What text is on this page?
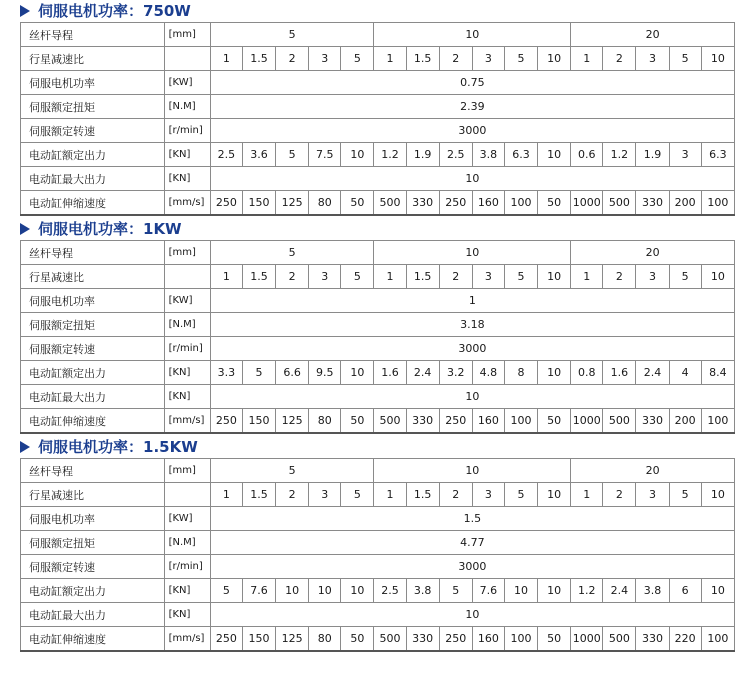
伺服电机功率：750W
丝杆导程	[mm]	5					10						20				
行星减速比		1	1.5	2	3	5	1	1.5	2	3	5	10	1	2	3	5	10
伺服电机功率	[KW]	0.75															
伺服额定扭矩	[N.M]	2.39															
伺服额定转速	[r/min]	3000															
电动缸额定出力	[KN]	2.5	3.6	5	7.5	10	1.2	1.9	2.5	3.8	6.3	10	0.6	1.2	1.9	3	6.3
电动缸最大出力	[KN]	10															
电动缸伸缩速度	[mm/s]	250	150	125	80	50	500	330	250	160	100	50	1000	500	330	200	100
伺服电机功率：1KW
丝杆导程	[mm]	5					10						20				
行星减速比		1	1.5	2	3	5	1	1.5	2	3	5	10	1	2	3	5	10
伺服电机功率	[KW]	1															
伺服额定扭矩	[N.M]	3.18															
伺服额定转速	[r/min]	3000															
电动缸额定出力	[KN]	3.3	5	6.6	9.5	10	1.6	2.4	3.2	4.8	8	10	0.8	1.6	2.4	4	8.4
电动缸最大出力	[KN]	10															
电动缸伸缩速度	[mm/s]	250	150	125	80	50	500	330	250	160	100	50	1000	500	330	200	100
伺服电机功率：1.5KW
丝杆导程	[mm]	5					10						20				
行星减速比		1	1.5	2	3	5	1	1.5	2	3	5	10	1	2	3	5	10
伺服电机功率	[KW]	1.5															
伺服额定扭矩	[N.M]	4.77															
伺服额定转速	[r/min]	3000															
电动缸额定出力	[KN]	5	7.6	10	10	10	2.5	3.8	5	7.6	10	10	1.2	2.4	3.8	6	10
电动缸最大出力	[KN]	10															
电动缸伸缩速度	[mm/s]	250	150	125	80	50	500	330	250	160	100	50	1000	500	330	220	100
